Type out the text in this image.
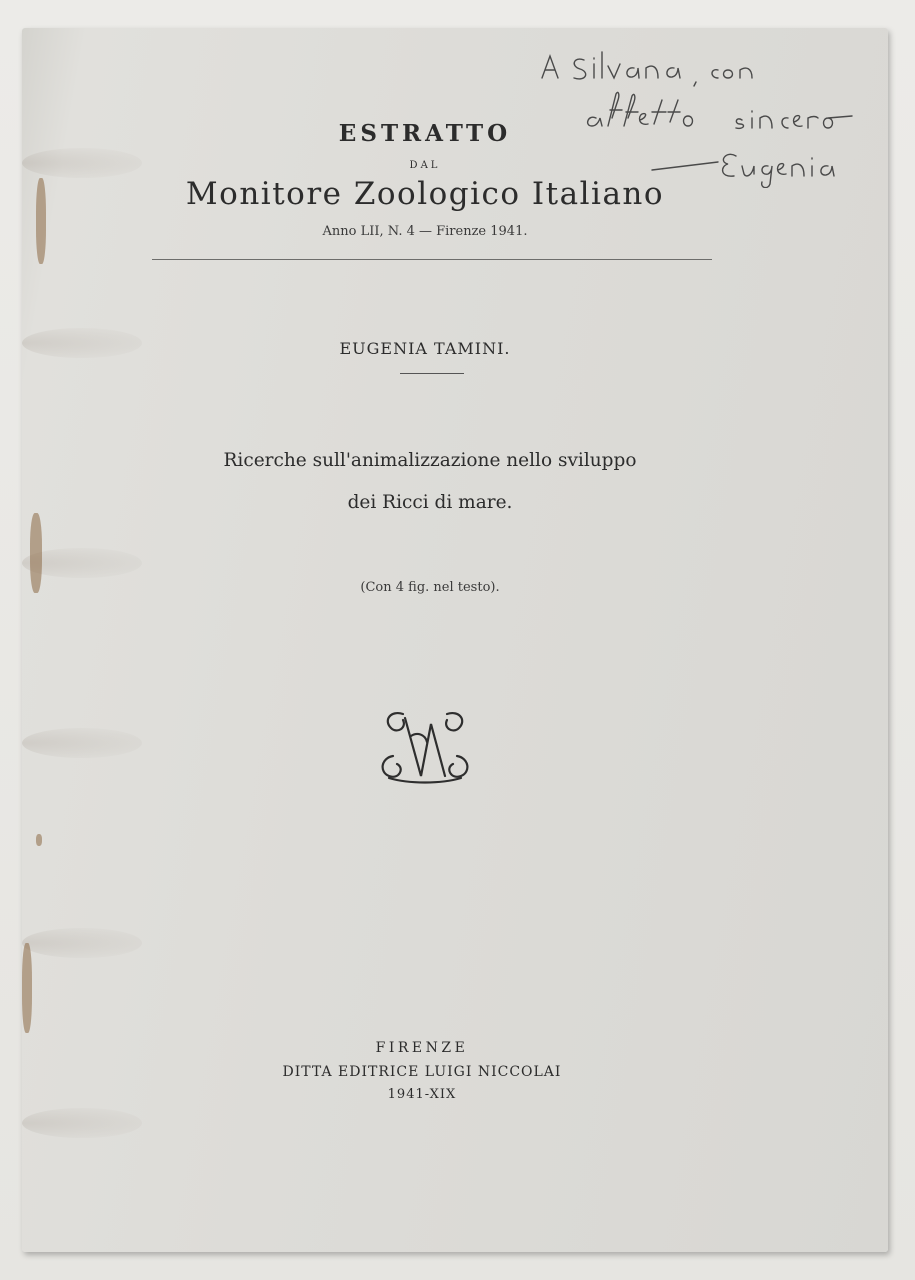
ESTRATTO
DAL
Monitore Zoologico Italiano
Anno LII, N. 4 — Firenze 1941.
EUGENIA TAMINI.
Ricerche sull'animalizzazione nello sviluppo
dei Ricci di mare.
(Con 4 fig. nel testo).
FIRENZE
DITTA EDITRICE LUIGI NICCOLAI
1941-XIX
